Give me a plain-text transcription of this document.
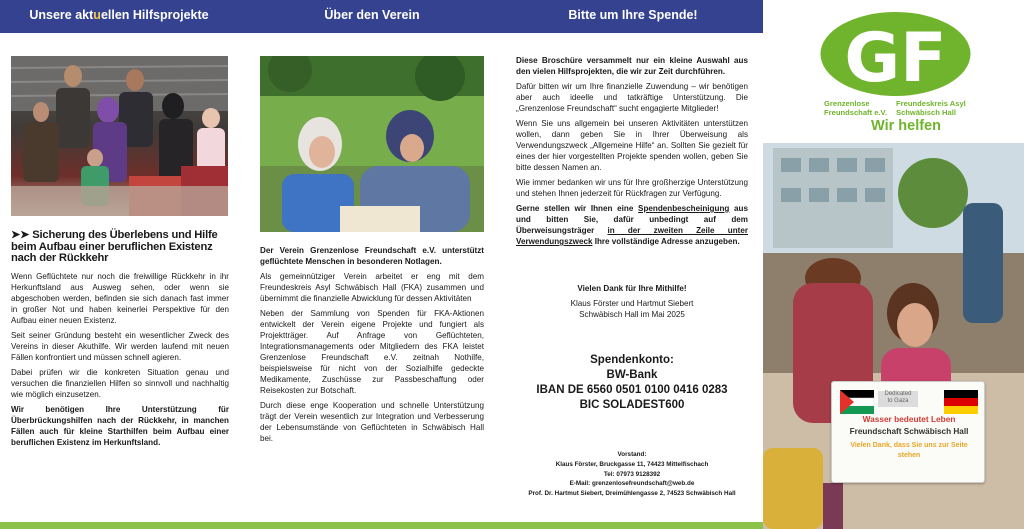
Unsere aktuellen Hilfsprojekte	Über den Verein	Bitte um Ihre Spende!
➤➤ Sicherung des Überlebens und Hilfe beim Aufbau einer beruflichen Existenz nach der Rückkehr

Wenn Geflüchtete nur noch die freiwillige Rückkehr in ihr Herkunftsland aus Ausweg sehen, oder wenn sie abgeschoben werden, befinden sie sich danach fast immer in großer Not und haben keinerlei Perspektive für den Aufbau einer neuen Existenz.

Seit seiner Gründung besteht ein wesentlicher Zweck des Vereins in dieser Akuthilfe. Wir werden laufend mit neuen Fällen konfrontiert und müssen schnell agieren.

Dabei prüfen wir die konkreten Situation genau und versuchen die finanziellen Hilfen so sinnvoll und nachhaltig wie möglich einzusetzen.

Wir benötigen Ihre Unterstützung für Überbrückungshilfen nach der Rückkehr, in manchen Fällen auch für kleine Starthilfen beim Aufbau einer beruflichen Existenz im Herkunftsland.

Der Verein Grenzenlose Freundschaft e.V. unterstützt geflüchtete Menschen in besonderen Notlagen.

Als gemeinnütziger Verein arbeitet er eng mit dem Freundeskreis Asyl Schwäbisch Hall (FKA) zusammen und übernimmt die finanzielle Abwicklung für dessen Aktivitäten

Neben der Sammlung von Spenden für FKA-Aktionen entwickelt der Verein eigene Projekte und fungiert als Projektträger. Auf Anfrage von Geflüchteten, Integrationsmanagements oder Mitgliedern des FKA leistet Grenzenlose Freundschaft e.V. zeitnah Nothilfe, beispielsweise für nicht von der Sozialhilfe gedeckte Medikamente, Zuschüsse zur Passbeschaffung oder Reisekosten zur Botschaft.

Durch diese enge Kooperation und schnelle Unterstützung trägt der Verein wesentlich zur Integration und Verbesserung der Lebensumstände von Geflüchteten in Schwäbisch Hall bei.

Diese Broschüre versammelt nur ein kleine Auswahl aus den vielen Hilfsprojekten, die wir zur Zeit durchführen.

Dafür bitten wir um Ihre finanzielle Zuwendung – wir benötigen aber auch ideelle und tatkräftige Unterstützung. Die „Grenzenlose Freundschaft“ sucht engagierte Mitglieder!

Wenn Sie uns allgemein bei unseren Aktivitäten unterstützen wollen, dann geben Sie in Ihrer Überweisung als Verwendungszweck „Allgemeine Hilfe“ an. Sollten Sie gezielt für eines der hier vorgestellten Projekte spenden wollen, geben Sie bitte dessen Namen an.

Wie immer bedanken wir uns für Ihre großherzige Unterstützung und stehen Ihnen jederzeit für Rückfragen zur Verfügung.

Gerne stellen wir Ihnen eine Spendenbescheinigung aus und bitten Sie, dafür unbedingt auf dem Überweisungsträger in der zweiten Zeile unter Verwendungszweck Ihre vollständige Adresse anzugeben.

Vielen Dank für Ihre Mithilfe!
Klaus Förster und Hartmut Siebert
Schwäbisch Hall im Mai 2025
Spendenkonto:
BW-Bank
IBAN DE 6560 0501 0100 0416 0283
BIC SOLADEST600
Vorstand:
Klaus Förster, Bruckgasse 11, 74423 Mittelfischach
Tel: 07973 9128392
E-Mail: grenzenlosefreundschaft@web.de
Prof. Dr. Hartmut Siebert, Dreimühlengasse 2, 74523 Schwäbisch Hall
GF
Grenzenlose
Freundschaft e.V.
Freundeskreis Asyl
Schwäbisch Hall
Wir helfen
Dedicated
to Gaza
Wasser bedeutet Leben
Freundschaft Schwäbisch Hall
Vielen Dank, dass Sie uns zur Seite stehen
